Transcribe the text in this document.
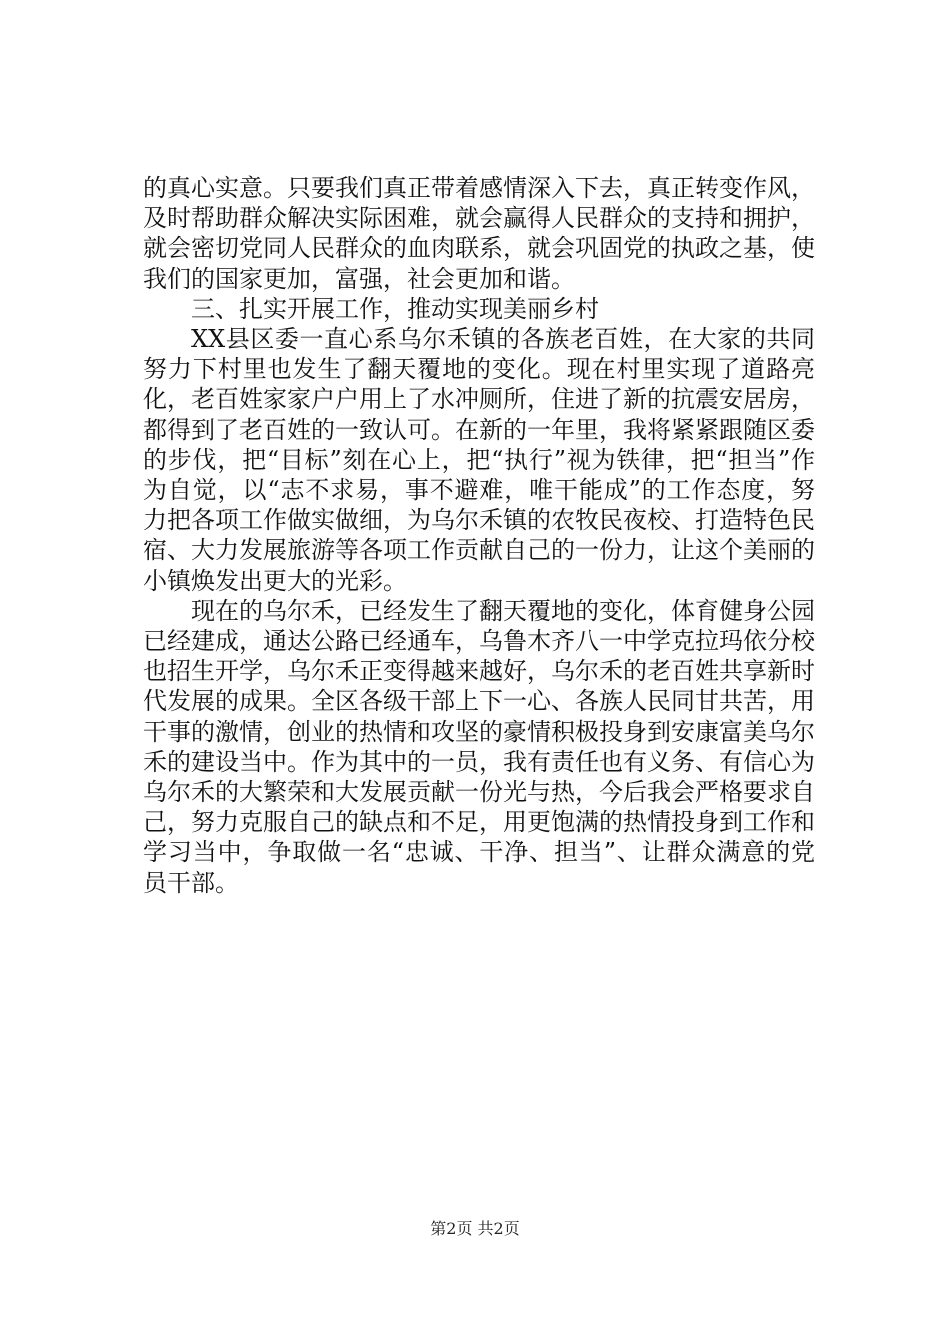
的真心实意。只要我们真正带着感情深入下去，真正转变作风，及时帮助群众解决实际困难，就会赢得人民群众的支持和拥护，就会密切党同人民群众的血肉联系，就会巩固党的执政之基，使我们的国家更加，富强，社会更加和谐。

三、扎实开展工作，推动实现美丽乡村

XX县区委一直心系乌尔禾镇的各族老百姓，在大家的共同努力下村里也发生了翻天覆地的变化。现在村里实现了道路亮化，老百姓家家户户用上了水冲厕所，住进了新的抗震安居房，都得到了老百姓的一致认可。在新的一年里，我将紧紧跟随区委的步伐，把“目标”刻在心上，把“执行”视为铁律，把“担当”作为自觉，以“志不求易，事不避难，唯干能成”的工作态度，努力把各项工作做实做细，为乌尔禾镇的农牧民夜校、打造特色民宿、大力发展旅游等各项工作贡献自己的一份力，让这个美丽的小镇焕发出更大的光彩。

现在的乌尔禾，已经发生了翻天覆地的变化，体育健身公园已经建成，通达公路已经通车，乌鲁木齐八一中学克拉玛依分校也招生开学，乌尔禾正变得越来越好，乌尔禾的老百姓共享新时代发展的成果。全区各级干部上下一心、各族人民同甘共苦，用干事的激情，创业的热情和攻坚的豪情积极投身到安康富美乌尔禾的建设当中。作为其中的一员，我有责任也有义务、有信心为乌尔禾的大繁荣和大发展贡献一份光与热，今后我会严格要求自己，努力克服自己的缺点和不足，用更饱满的热情投身到工作和学习当中，争取做一名“忠诚、干净、担当”、让群众满意的党员干部。

第2页 共2页
